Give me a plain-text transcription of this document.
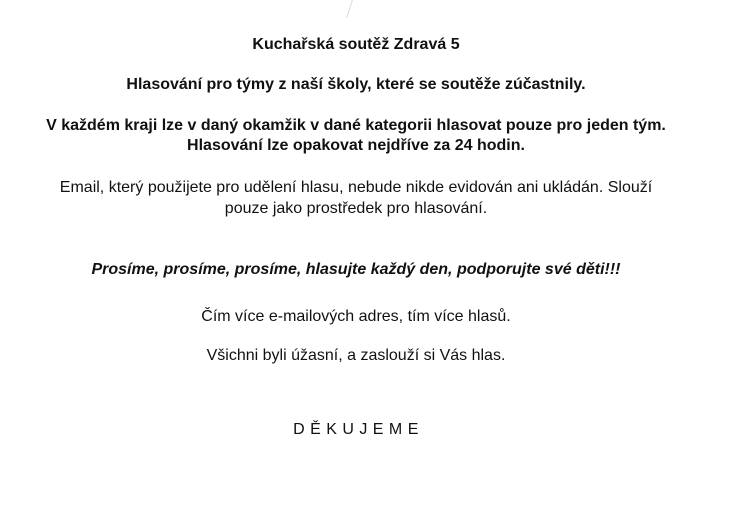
Kuchařská soutěž Zdravá 5

Hlasování pro týmy z naší školy, které se soutěže zúčastnily.

V každém kraji lze v daný okamžik v dané kategorii hlasovat pouze pro jeden tým. Hlasování lze opakovat nejdříve za 24 hodin.

Email, který použijete pro udělení hlasu, nebude nikde evidován ani ukládán. Slouží pouze jako prostředek pro hlasování.

Prosíme, prosíme, prosíme, hlasujte každý den, podporujte své děti!!!

Čím více e-mailových adres, tím více hlasů.

Všichni byli úžasní, a zaslouží si Vás hlas.

D Ě K U J E M E
